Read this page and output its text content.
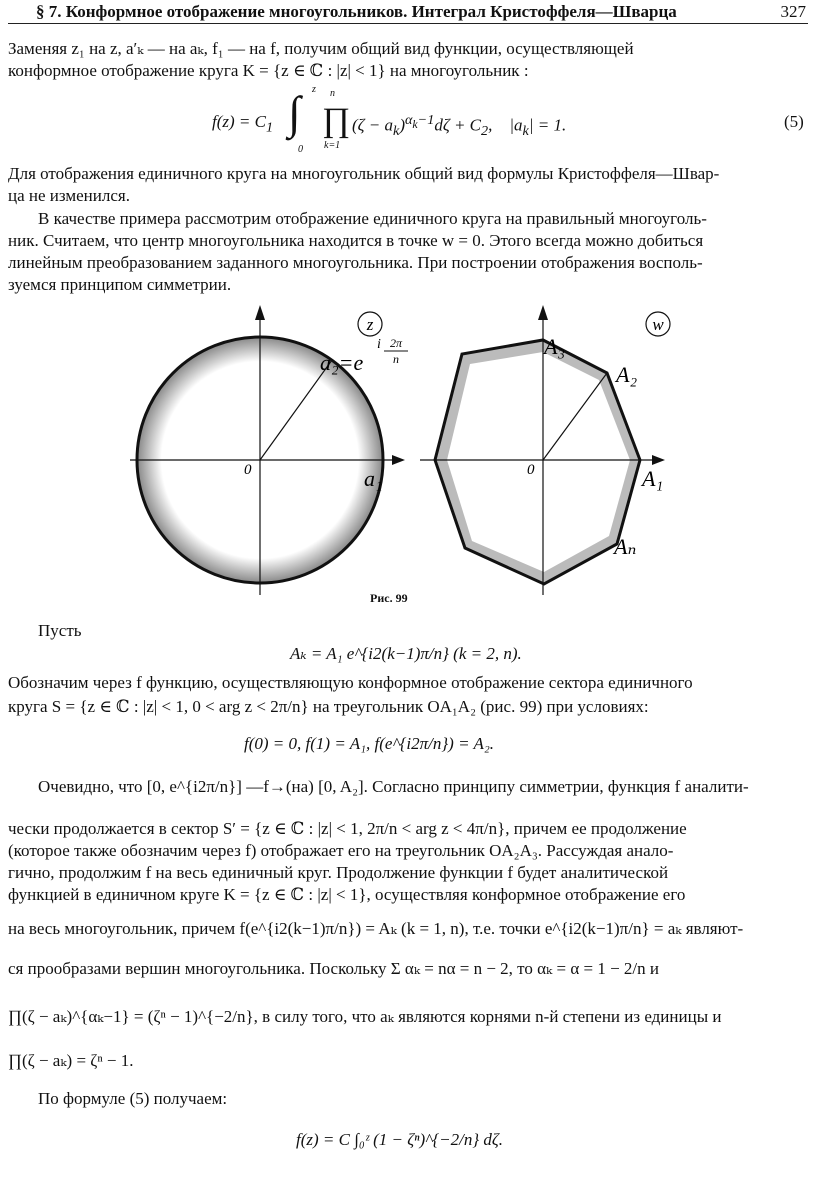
§ 7. Конформное отображение многоугольников. Интеграл Кристоффеля—Шварца	327
Заменяя z₁ на z, a′ₖ — на aₖ, f₁ — на f, получим общий вид функции, осуществляющей
конформное отображение круга K = {z ∈ ℂ : |z| < 1} на многоугольник :
$f(z) = C_1$ ∫ z
0
∏
n
k=1
$(\zeta - a_k)^{\alpha_k-1}d\zeta + C_2$,    $|a_k| = 1$.	(5)
Для отображения единичного круга на многоугольник общий вид формулы Кристоффеля—Швар-
ца не изменился.
В качестве примера рассмотрим отображение единичного круга на правильный многоуголь-
ник. Считаем, что центр многоугольника находится в точке w = 0. Этого всегда можно добиться
линейным преобразованием заданного многоугольника. При построении отображения восполь-
зуемся принципом симметрии.
z
0	a₁
a₂=e
i 2π
n
w
0	A₁
A₂
A₃
Aₙ
Рис. 99
Пусть
Aₖ = A₁ e^{i2(k−1)π/n} (k = 2, n).
Обозначим через f функцию, осуществляющую конформное отображение сектора единичного
круга S = {z ∈ ℂ : |z| < 1, 0 < arg z < 2π/n} на треугольник OA₁A₂ (рис. 99) при условиях:
f(0) = 0, f(1) = A₁, f(e^{i2π/n}) = A₂.
Очевидно, что [0, e^{i2π/n}] —f→(на) [0, A₂]. Согласно принципу симметрии, функция f аналити-
чески продолжается в сектор S′ = {z ∈ ℂ : |z| < 1, 2π/n < arg z < 4π/n}, причем ее продолжение
(которое также обозначим через f) отображает его на треугольник OA₂A₃. Рассуждая анало-
гично, продолжим f на весь единичный круг. Продолжение функции f будет аналитической
функцией в единичном круге K = {z ∈ ℂ : |z| < 1}, осуществляя конформное отображение его
на весь многоугольник, причем f(e^{i2(k−1)π/n}) = Aₖ (k = 1, n), т.е. точки e^{i2(k−1)π/n} = aₖ являют-
ся прообразами вершин многоугольника. Поскольку Σ αₖ = nα = n − 2, то αₖ = α = 1 − 2/n и
∏(ζ − aₖ)^{αₖ−1} = (ζⁿ − 1)^{−2/n}, в силу того, что aₖ являются корнями n-й степени из единицы и
∏(ζ − aₖ) = ζⁿ − 1.
По формуле (5) получаем:
f(z) = C ∫₀ᶻ (1 − ζⁿ)^{−2/n} dζ.
